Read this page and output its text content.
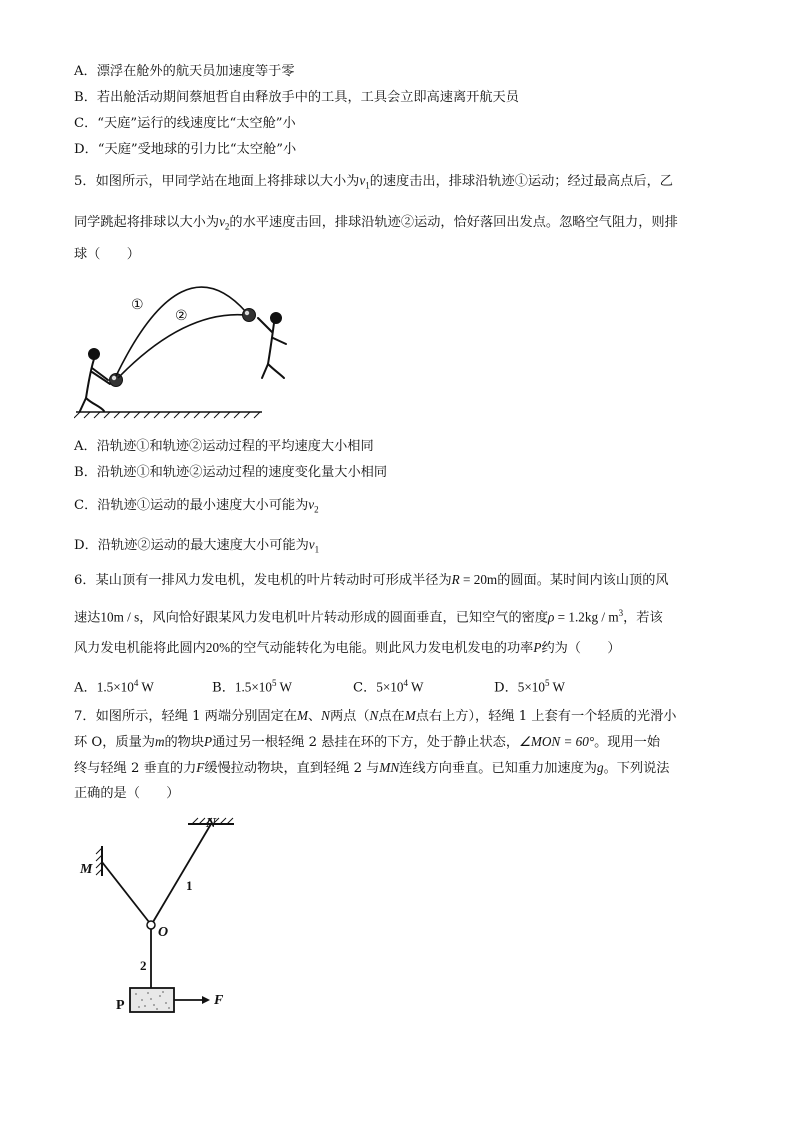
A．漂浮在舱外的航天员加速度等于零
B．若出舱活动期间蔡旭哲自由释放手中的工具，工具会立即高速离开航天员
C．“天庭”运行的线速度比“太空舱”小
D．“天庭”受地球的引力比“太空舱”小
5．如图所示，甲同学站在地面上将排球以大小为$v_1$的速度击出，排球沿轨迹①运动；经过最高点后，乙
同学跳起将排球以大小为$v_2$的水平速度击回，排球沿轨迹②运动，恰好落回出发点。忽略空气阻力，则排
球（　　）
①
②
A．沿轨迹①和轨迹②运动过程的平均速度大小相同
B．沿轨迹①和轨迹②运动过程的速度变化量大小相同
C．沿轨迹①运动的最小速度大小可能为$v_2$
D．沿轨迹②运动的最大速度大小可能为$v_1$
6．某山顶有一排风力发电机，发电机的叶片转动时可形成半径为R = 20m的圆面。某时间内该山顶的风
速达10m / s，风向恰好跟某风力发电机叶片转动形成的圆面垂直，已知空气的密度$\rho = 1.2kg / m^3$，若该
风力发电机能将此圆内20%的空气动能转化为电能。则此风力发电机发电的功率P约为（　　）
A．$1.5\times 10^4$ W	B．$1.5\times 10^5$ W	C．$5\times 10^4$ W	D．$5\times 10^5$ W
7．如图所示，轻绳 1 两端分别固定在M、N两点（N点在M点右上方），轻绳 1 上套有一个轻质的光滑小
环 O，质量为m的物块P通过另一根轻绳 2 悬挂在环的下方，处于静止状态，∠MON = 60°。现用一始
终与轻绳 2 垂直的力F缓慢拉动物块，直到轻绳 2 与MN连线方向垂直。已知重力加速度为g。下列说法
正确的是（　　）
N
M
1
O
2
P	F
